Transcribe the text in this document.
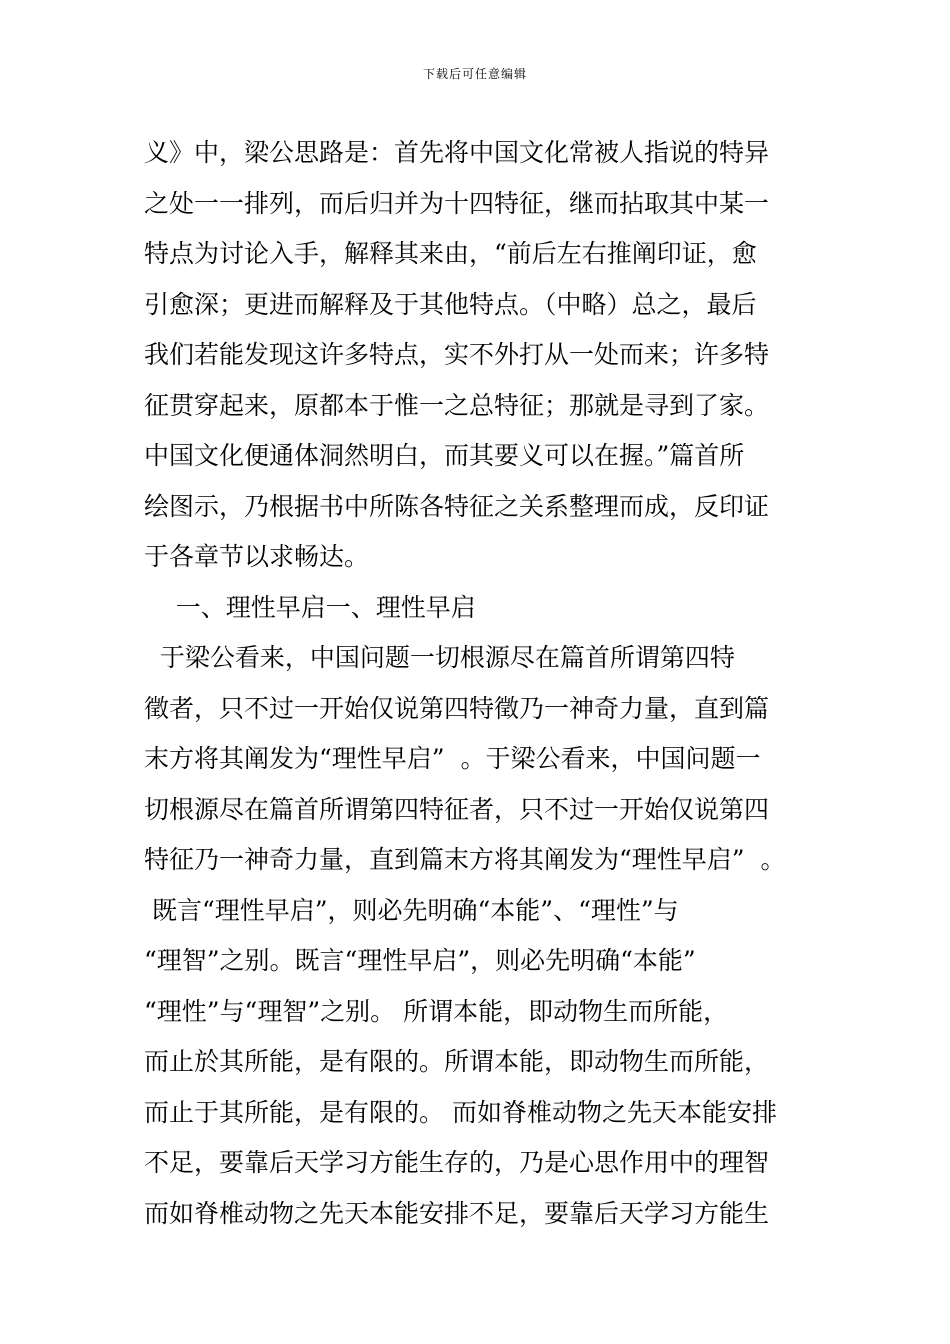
下载后可任意编辑
义》中，梁公思路是：首先将中国文化常被人指说的特异
之处一一排列，而后归并为十四特征，继而拈取其中某一
特点为讨论入手，解释其来由，“前后左右推阐印证，愈
引愈深；更进而解释及于其他特点。（中略）总之，最后
我们若能发现这许多特点，实不外打从一处而来；许多特
征贯穿起来，原都本于惟一之总特征；那就是寻到了家。
中国文化便通体洞然明白，而其要义可以在握。”篇首所
绘图示，乃根据书中所陈各特征之关系整理而成，反印证
于各章节以求畅达。
一、理性早启一、理性早启
于梁公看来，中国问题一切根源尽在篇首所谓第四特
徵者，只不过一开始仅说第四特徵乃一神奇力量，直到篇
末方将其阐发为“理性早启”  。于梁公看来，中国问题一
切根源尽在篇首所谓第四特征者，只不过一开始仅说第四
特征乃一神奇力量，直到篇末方将其阐发为“理性早启”  。
既言“理性早启”，则必先明确“本能”、“理性”与
“理智”之别。既言“理性早启”，则必先明确“本能”
“理性”与“理智”之别。 所谓本能，即动物生而所能，
而止於其所能，是有限的。所谓本能，即动物生而所能，
而止于其所能，是有限的。 而如脊椎动物之先天本能安排
不足，要靠后天学习方能生存的，乃是心思作用中的理智
而如脊椎动物之先天本能安排不足，要靠后天学习方能生
